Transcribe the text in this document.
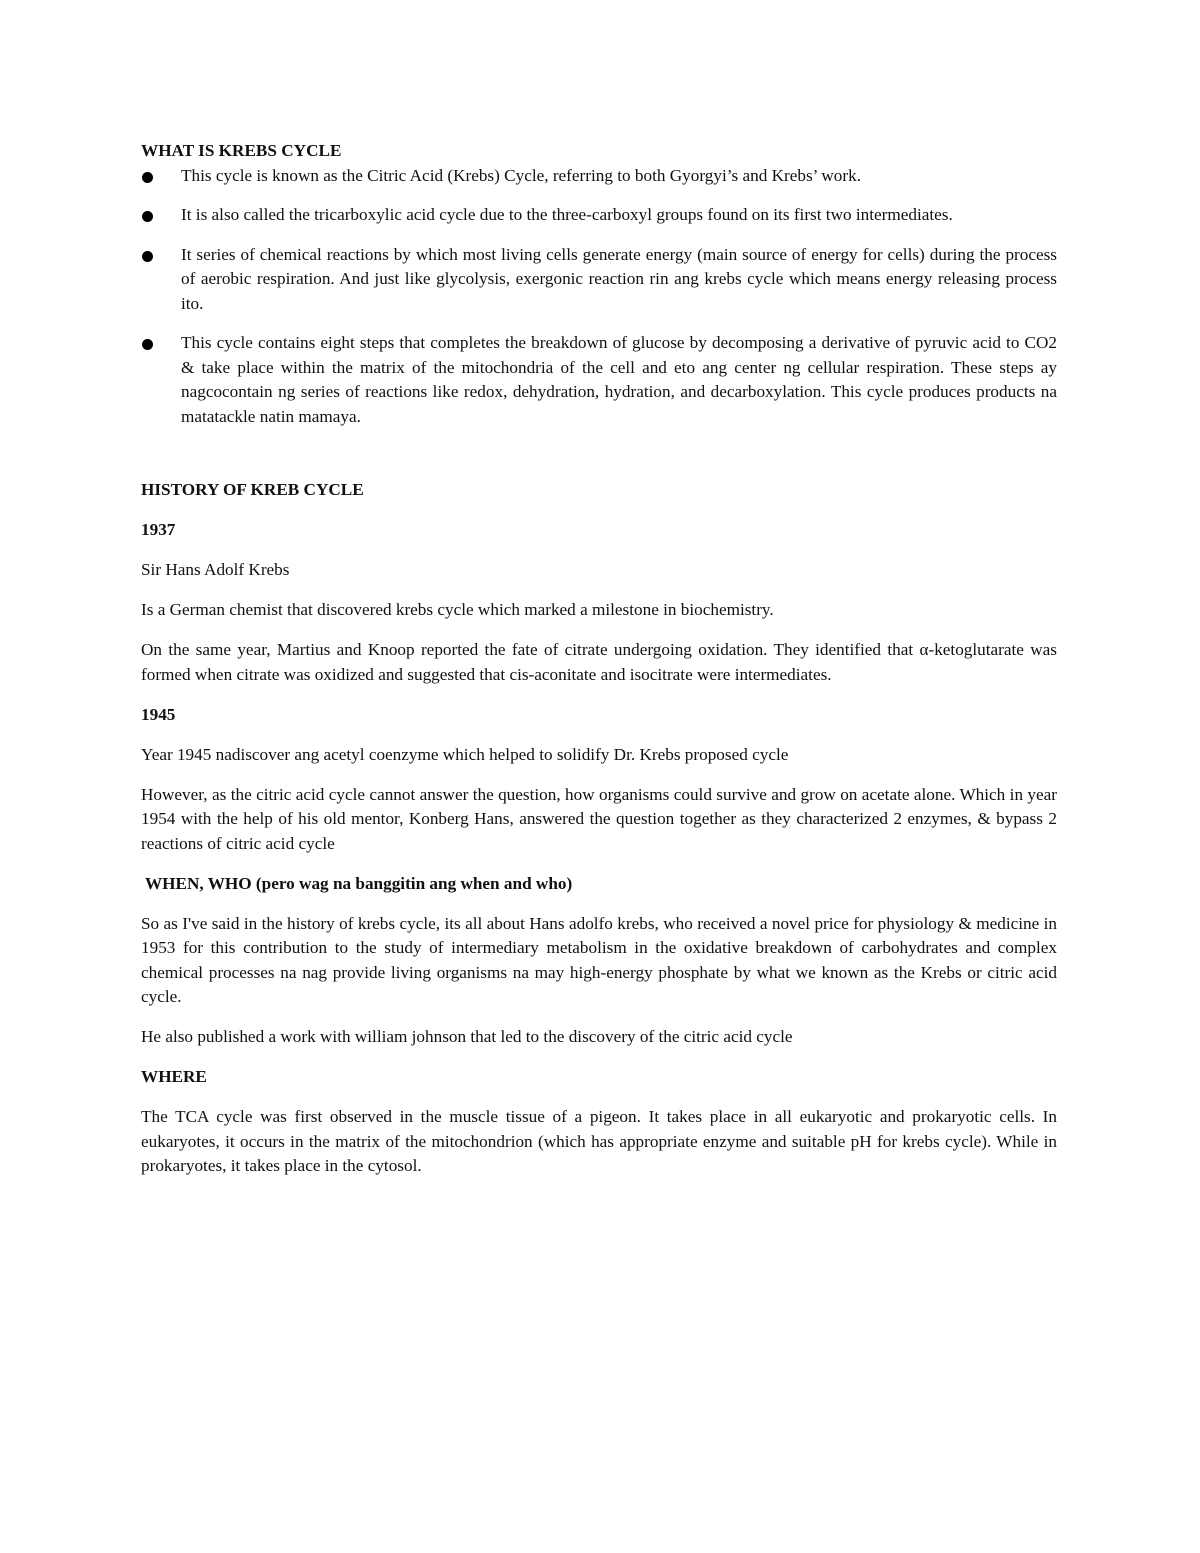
WHAT IS KREBS CYCLE

This cycle is known as the Citric Acid (Krebs) Cycle, referring to both Gyorgyi’s and Krebs’ work.

It is also called the tricarboxylic acid cycle due to the three-carboxyl groups found on its first two intermediates.

It series of chemical reactions by which most living cells generate energy (main source of energy for cells) during the process of aerobic respiration. And just like glycolysis, exergonic reaction rin ang krebs cycle which means energy releasing process ito.

This cycle contains eight steps that completes the breakdown of glucose by decomposing a derivative of pyruvic acid to CO2 & take place within the matrix of the mitochondria of the cell and eto ang center ng cellular respiration. These steps ay nagcocontain ng series of reactions like redox, dehydration, hydration, and decarboxylation. This cycle produces products na matatackle natin mamaya.

HISTORY OF KREB CYCLE
1937

Sir Hans Adolf Krebs

Is a German chemist that discovered krebs cycle which marked a milestone in biochemistry.

On the same year, Martius and Knoop reported the fate of citrate undergoing oxidation. They identified that α-ketoglutarate was formed when citrate was oxidized and suggested that cis-aconitate and isocitrate were intermediates.

1945

Year 1945 nadiscover ang acetyl coenzyme which helped to solidify Dr. Krebs proposed cycle

However, as the citric acid cycle cannot answer the question, how organisms could survive and grow on acetate alone. Which in year 1954 with the help of his old mentor, Konberg Hans, answered the question together as they characterized 2 enzymes, & bypass 2 reactions of citric acid cycle

WHEN, WHO (pero wag na banggitin ang when and who)

So as I've said in the history of krebs cycle, its all about Hans adolfo krebs, who received a novel price for physiology & medicine in 1953 for this contribution to the study of intermediary metabolism in the oxidative breakdown of carbohydrates and complex chemical processes na nag provide living organisms na may high-energy phosphate by what we known as the Krebs or citric acid cycle.

He also published a work with william johnson that led to the discovery of the citric acid cycle

WHERE

The TCA cycle was first observed in the muscle tissue of a pigeon. It takes place in all eukaryotic and prokaryotic cells. In eukaryotes, it occurs in the matrix of the mitochondrion (which has appropriate enzyme and suitable pH for krebs cycle). While in prokaryotes, it takes place in the cytosol.
